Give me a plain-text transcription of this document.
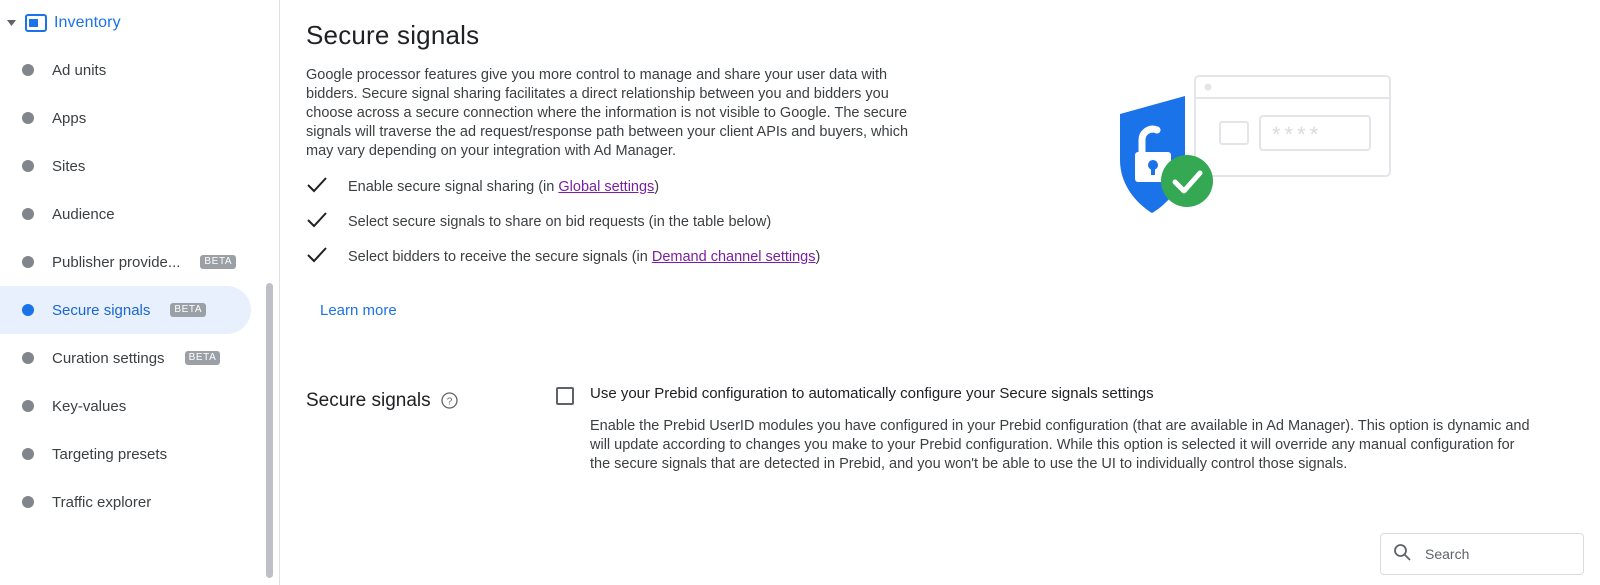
Inventory
Ad units
Apps
Sites
Audience
Publisher provide...	BETA
Secure signals	BETA
Curation settings	BETA
Key-values
Targeting presets
Traffic explorer
Secure signals

Google processor features give you more control to manage and share your user data with bidders. Secure signal sharing facilitates a direct relationship between you and bidders you choose across a secure connection where the information is not visible to Google. The secure signals will traverse the ad request/response path between your client APIs and buyers, which may vary depending on your integration with Ad Manager.

Enable secure signal sharing (in Global settings)
Select secure signals to share on bid requests (in the table below)
Select bidders to receive the secure signals (in Demand channel settings)
Learn more
****
Secure signals ?
Use your Prebid configuration to automatically configure your Secure signals settings
Enable the Prebid UserID modules you have configured in your Prebid configuration (that are available in Ad Manager). This option is dynamic and will update according to changes you make to your Prebid configuration. While this option is selected it will override any manual configuration for the secure signals that are detected in Prebid, and you won't be able to use the UI to individually control those signals.
Search
